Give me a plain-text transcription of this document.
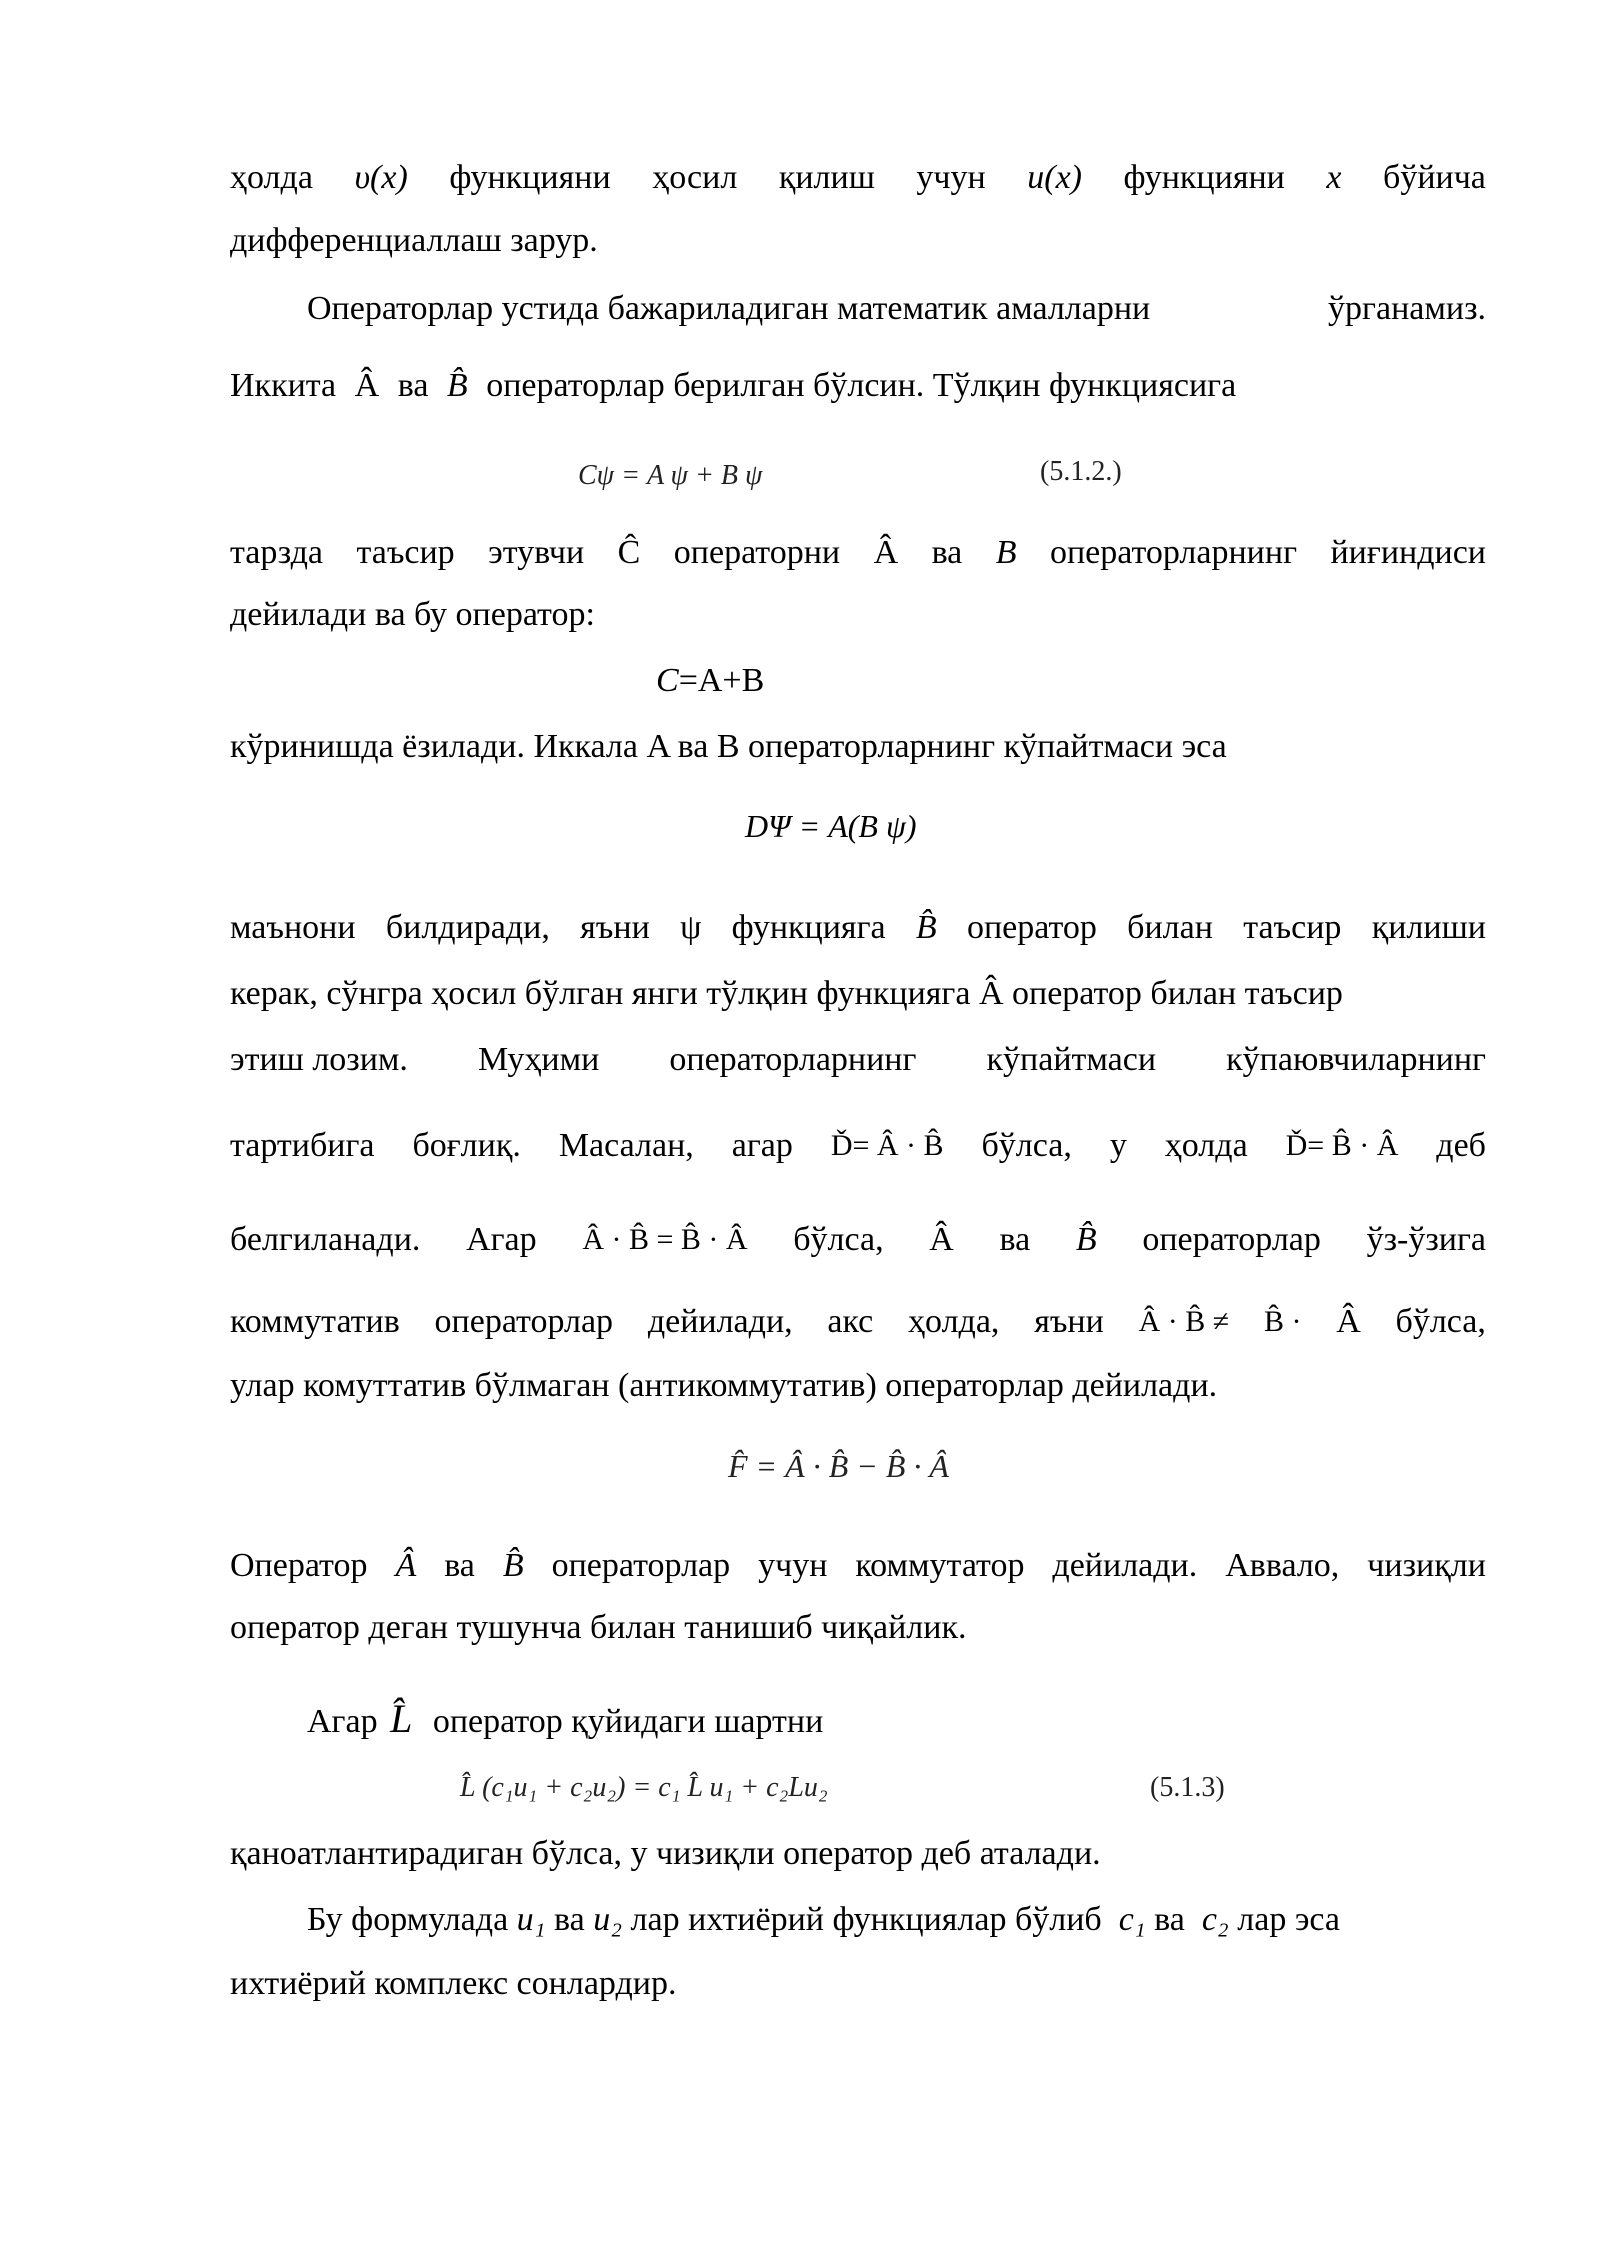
ҳолда υ(x) функцияни ҳосил қилиш учун u(x) функцияни x бўйича
дифференциаллаш зарур.
Операторлар устида бажариладиган математик амалларни	ўрганамиз.
Иккита Â ва B̂ операторлар берилган бўлсин. Тўлқин функциясига
Cψ = A ψ + B ψ	(5.1.2.)
тарзда таъсир этувчи Ĉ операторни Â ва B операторларнинг йиғиндиси
дейилади ва бу оператор:
C=A+B
кўринишда ёзилади. Иккала A ва B операторларнинг кўпайтмаси эса
DΨ = A(B ψ)
маънони билдиради, яъни ψ функцияга B̂ оператор билан таъсир қилиши
керак, сўнгра ҳосил бўлган янги тўлқин функцияга Â оператор билан таъсир
этиш лозим. Муҳими операторларнинг кўпайтмаси кўпаювчиларнинг
тартибига боғлиқ. Масалан, агар Ď= Â · B̂ бўлса, у ҳолда Ď= B̂ · Â деб
белгиланади. Агар Â · B̂ = B̂ · Â бўлса, Â ва B̂ операторлар ўз-ўзига
коммутатив операторлар дейилади, акс ҳолда, яъни Â · B̂ ≠ B̂ · Â бўлса,
улар комуттатив бўлмаган (антикоммутатив) операторлар дейилади.
F̂ = Â · B̂ − B̂ · Â
Оператор Â ва B̂ операторлар учун коммутатор дейилади. Аввало, чизиқли
оператор деган тушунча билан танишиб чиқайлик.
Агар L̂ оператор қуйидаги шартни
L̂ (c₁u₁ + c₂u₂) = c₁ L̂ u₁ + c₂Lu₂	(5.1.3)
қаноатлантирадиган бўлса, у чизиқли оператор деб аталади.
Бу формулада u₁ ва u₂ лар ихтиёрий функциялар бўлиб c₁ ва c₂ лар эса
ихтиёрий комплекс сонлардир.
